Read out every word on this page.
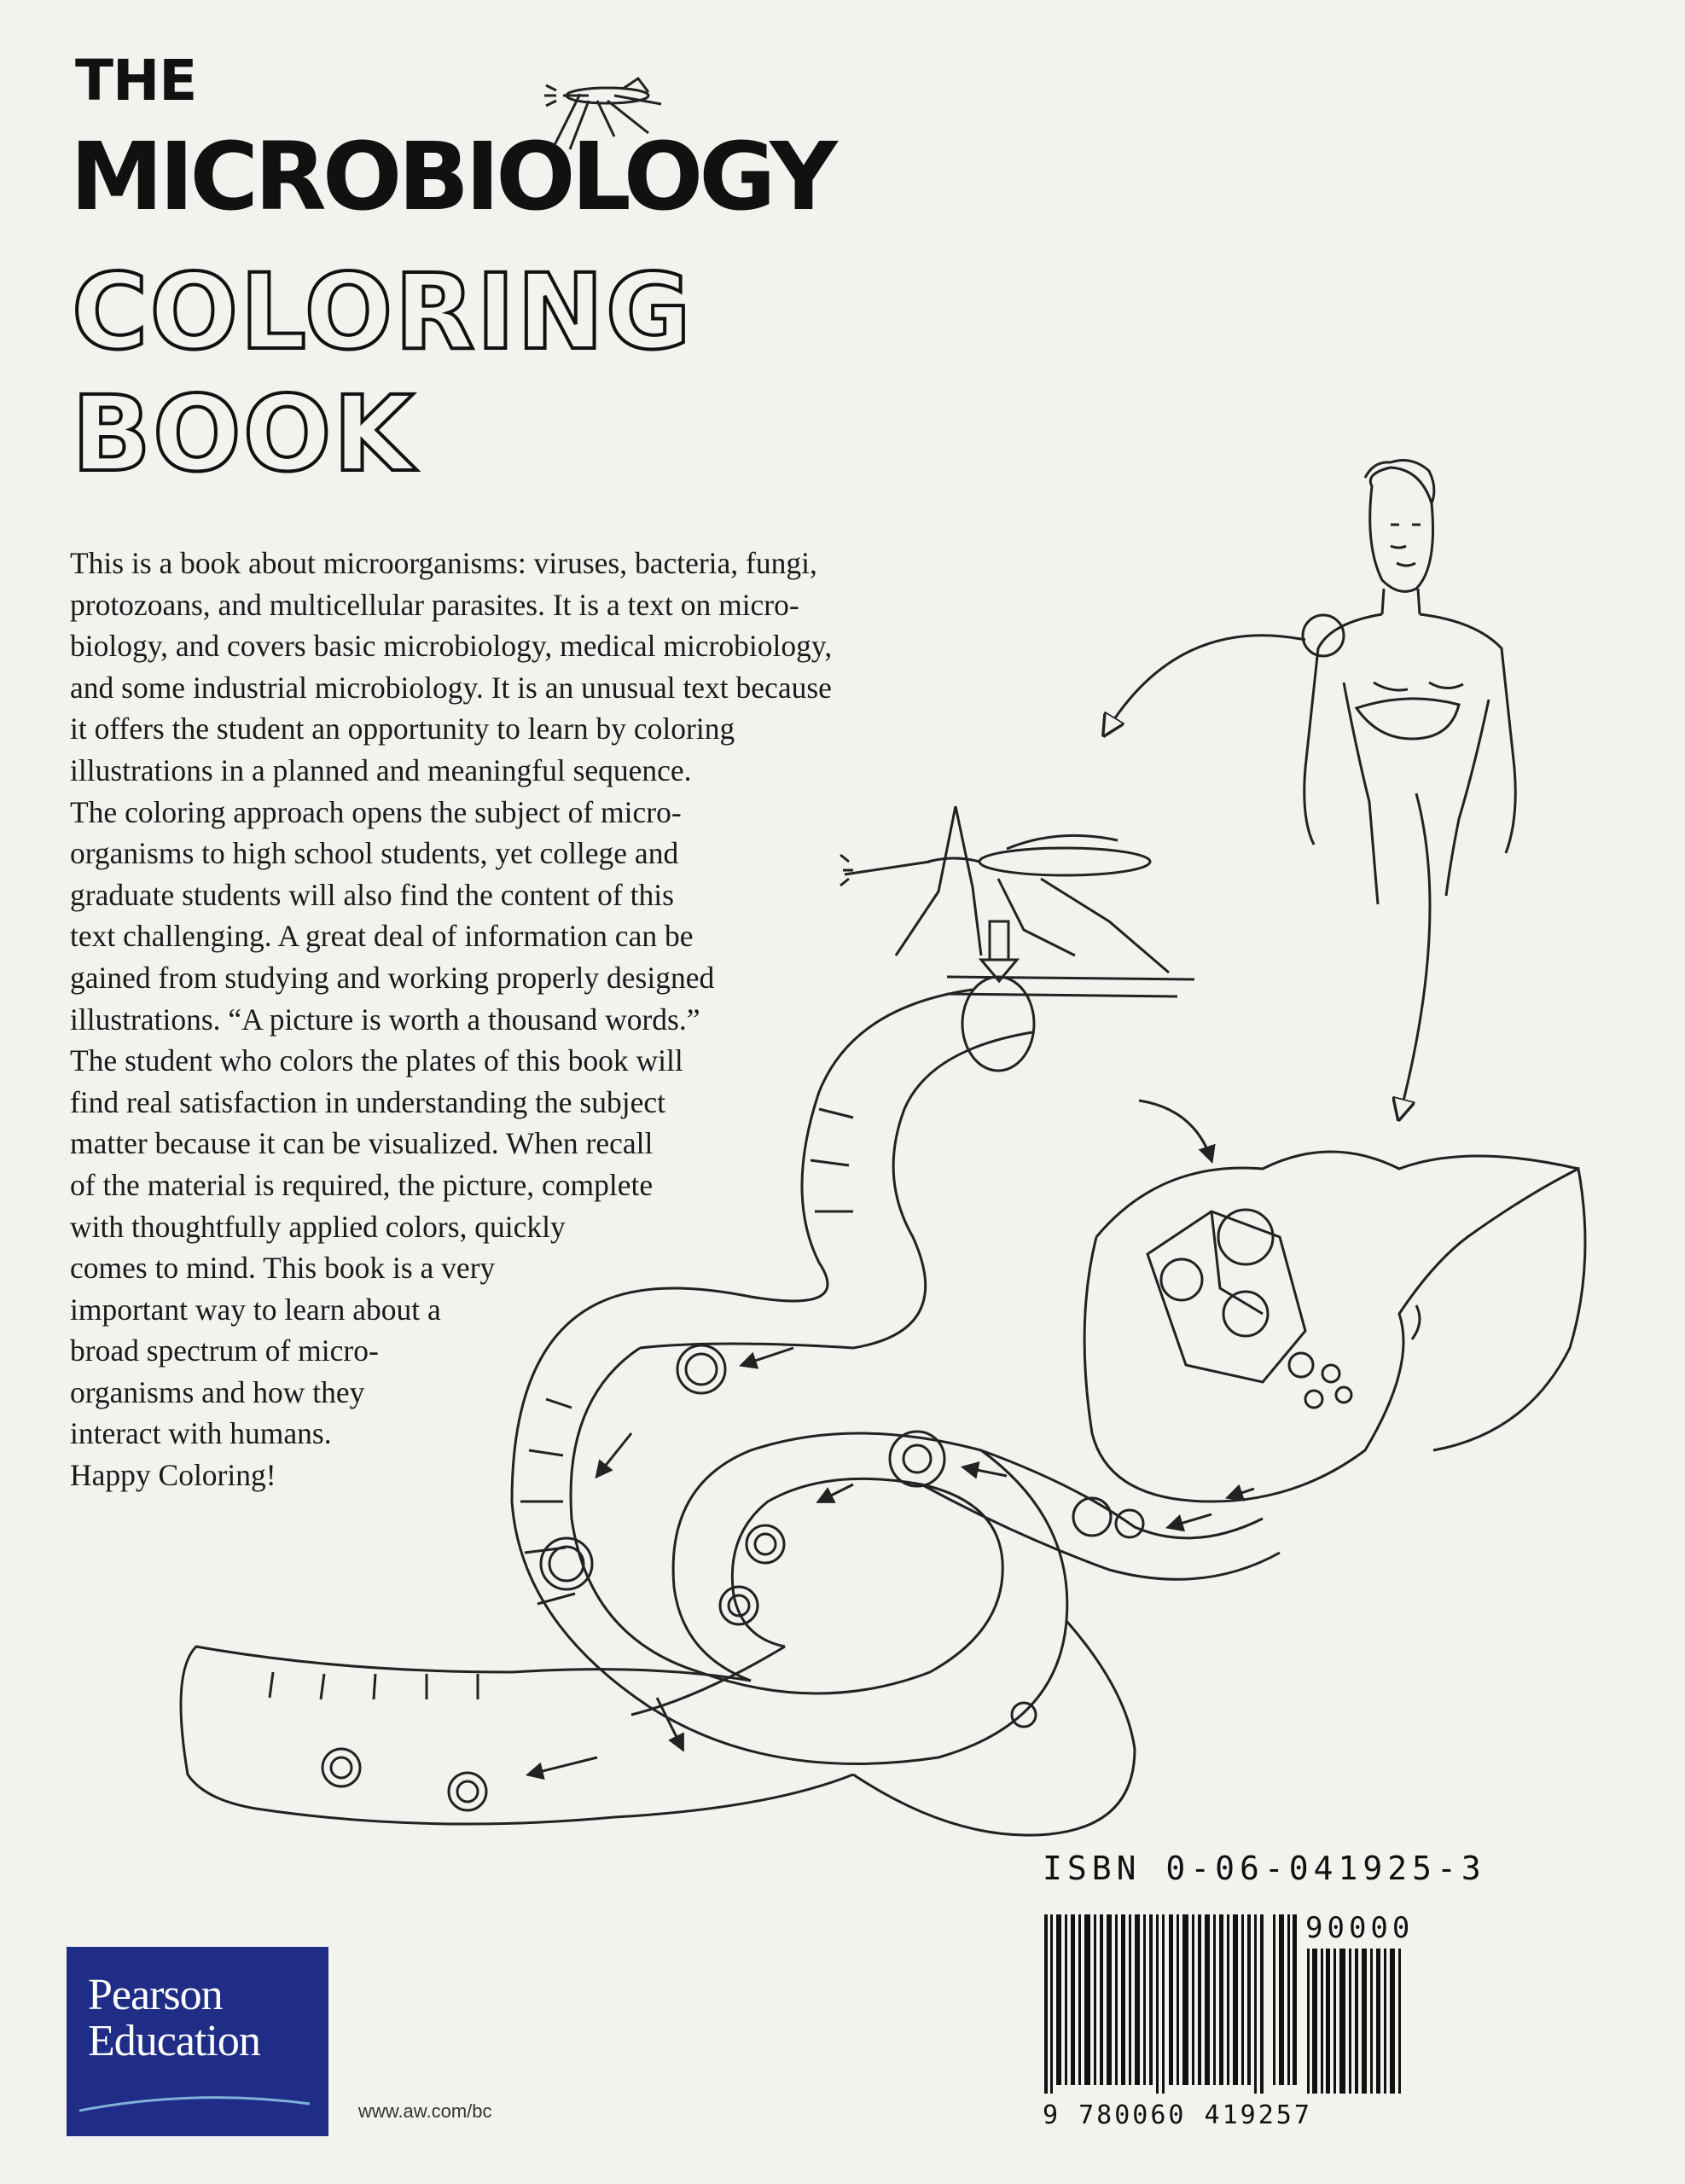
THE
MICROBIOLOGY
COLORING
BOOK

This is a book about microorganisms: viruses, bacteria, fungi,
protozoans, and multicellular parasites. It is a text on micro-
biology, and covers basic microbiology, medical microbiology,
and some industrial microbiology. It is an unusual text because
it offers the student an opportunity to learn by coloring
illustrations in a planned and meaningful sequence.
The coloring approach opens the subject of micro-
organisms to high school students, yet college and
graduate students will also find the content of this
text challenging. A great deal of information can be
gained from studying and working properly designed
illustrations. “A picture is worth a thousand words.”
The student who colors the plates of this book will
find real satisfaction in understanding the subject
matter because it can be visualized. When recall
of the material is required, the picture, complete
with thoughtfully applied colors, quickly
comes to mind. This book is a very
important way to learn about a
broad spectrum of micro-
organisms and how they
interact with humans.
Happy Coloring!

ISBN 0-06-041925-3
90000
9 780060 419257
Pearson
Education
www.aw.com/bc
